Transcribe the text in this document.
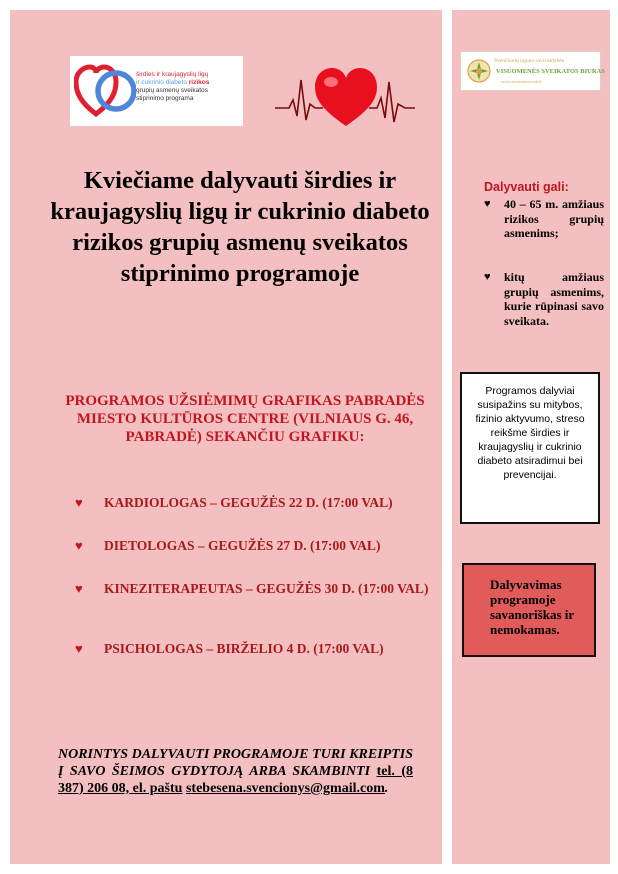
širdies ir kraujagyslių ligų
ir cukrinio diabeto rizikos
grupių asmenų sveikatos
stiprinimo programa
Kviečiame dalyvauti širdies ir kraujagyslių ligų ir cukrinio diabeto rizikos grupių asmenų sveikatos stiprinimo programoje
PROGRAMOS UŽSIĖMIMŲ GRAFIKAS PABRADĖS MIESTO KULTŪROS CENTRE (VILNIAUS G. 46, PABRADĖ) SEKANČIU GRAFIKU:
♥ KARDIOLOGAS – GEGUŽĖS 22 D. (17:00 VAL)
♥ DIETOLOGAS – GEGUŽĖS 27 D. (17:00 VAL)
♥ KINEZITERAPEUTAS – GEGUŽĖS 30 D. (17:00 VAL)
♥ PSICHOLOGAS – BIRŽELIO 4 D. (17:00 VAL)
NORINTYS DALYVAUTI PROGRAMOJE TURI KREIPTIS Į SAVO ŠEIMOS GYDYTOJĄ ARBA SKAMBINTI tel. (8 387) 206 08, el. paštu stebesena.svencionys@gmail.com.
Švenčionių rajono savivaldybės
VISUOMENĖS SVEIKATOS BIURAS
www.svencionysvsb.lt
Dalyvauti gali:
♥ 40 – 65 m. amžiaus rizikos grupių asmenims;
♥ kitų amžiaus grupių asmenims, kurie rūpinasi savo sveikata.
Programos dalyviai susipažins su mitybos, fizinio aktyvumo, streso reikšme širdies ir kraujagyslių ir cukrinio diabeto atsiradimui bei prevencijai.
Dalyvavimas programoje savanoriškas ir nemokamas.
